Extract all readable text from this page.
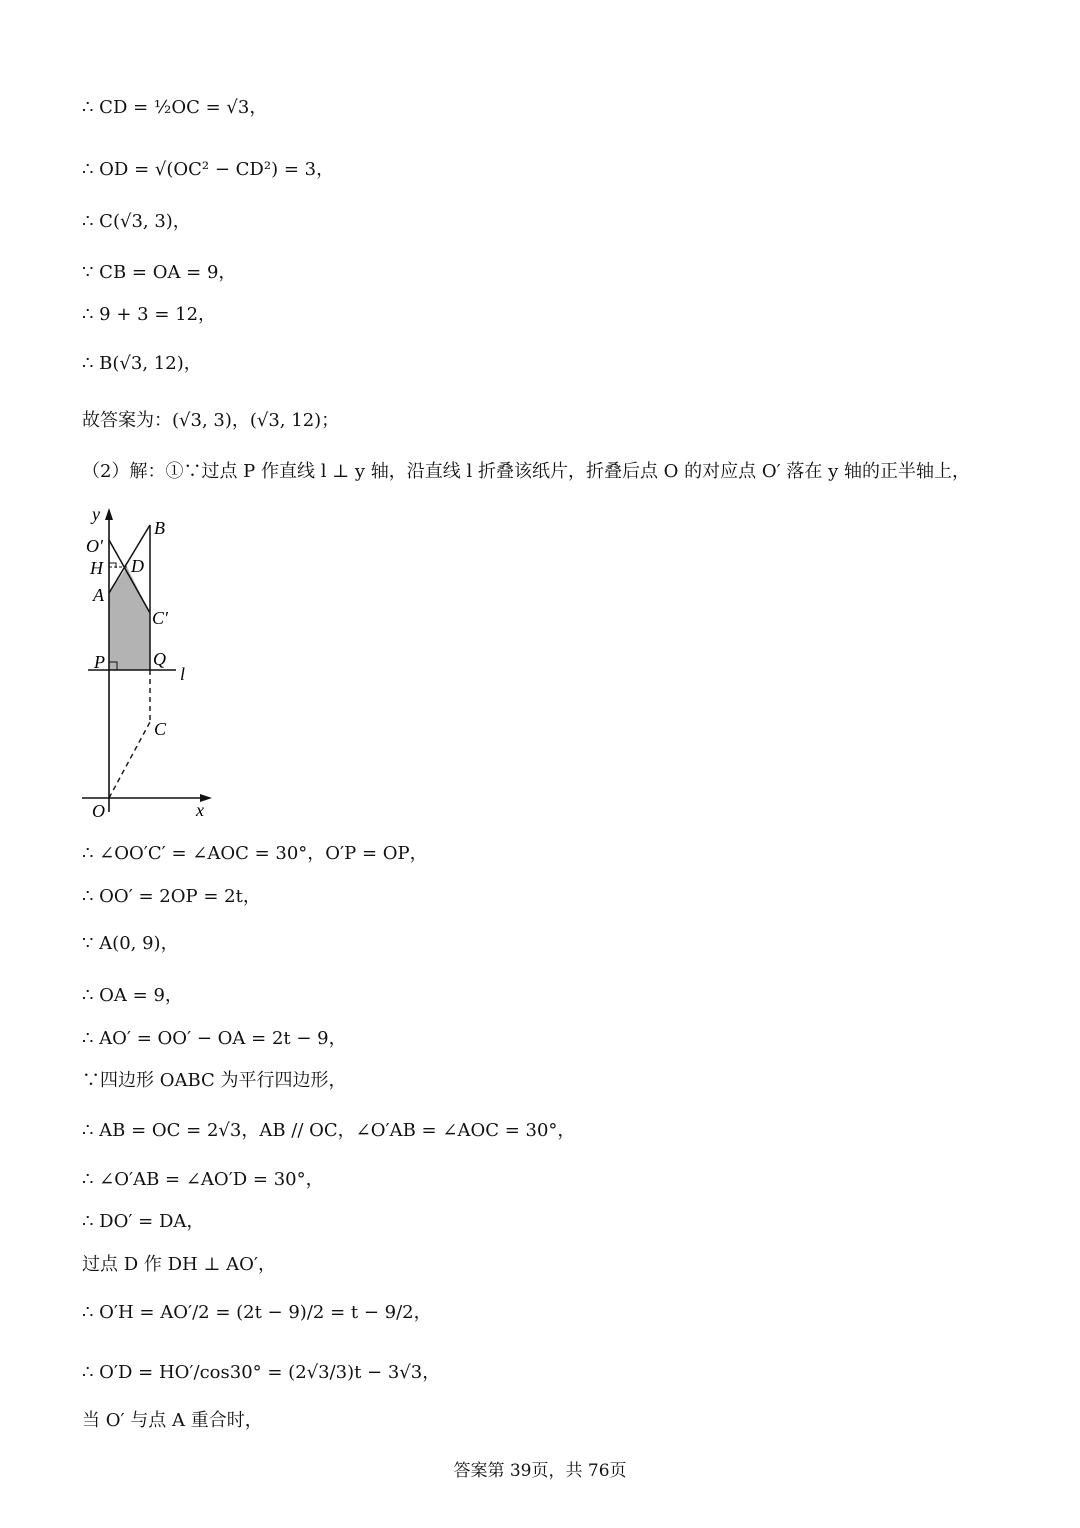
∴ CD = ½OC = √3，
∴ OD = √(OC² − CD²) = 3，
∴ C(√3, 3)，
∵ CB = OA = 9，
∴ 9 + 3 = 12，
∴ B(√3, 12)，
故答案为：(√3, 3)，(√3, 12)；
（2）解：①∵过点 P 作直线 l ⊥ y 轴，沿直线 l 折叠该纸片，折叠后点 O 的对应点 O′ 落在 y 轴的正半轴上，
y
B
O′
H D
A
C′
P	Q
l
C
O	x
∴ ∠OO′C′ = ∠AOC = 30°，O′P = OP，
∴ OO′ = 2OP = 2t，
∵ A(0, 9)，
∴ OA = 9，
∴ AO′ = OO′ − OA = 2t − 9，
∵四边形 OABC 为平行四边形，
∴ AB = OC = 2√3，AB // OC，∠O′AB = ∠AOC = 30°，
∴ ∠O′AB = ∠AO′D = 30°，
∴ DO′ = DA，
过点 D 作 DH ⊥ AO′，
∴ O′H = AO′/2 = (2t − 9)/2 = t − 9/2，
∴ O′D = HO′/cos30° = (2√3/3)t − 3√3，
当 O′ 与点 A 重合时，
答案第 39页，共 76页
